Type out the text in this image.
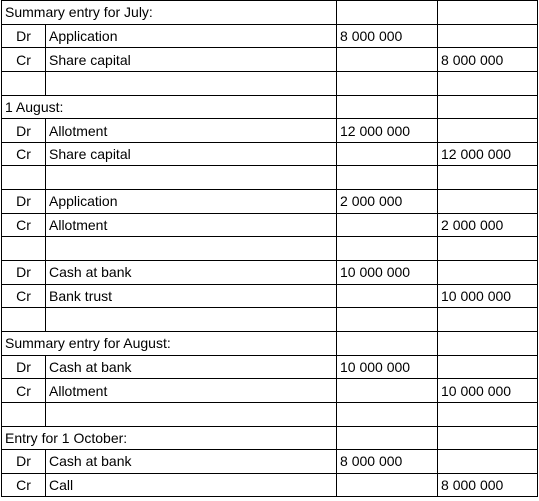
Summary entry for July:			
Dr	Application	8 000 000	
Cr	Share capital		8 000 000

1 August:			
Dr	Allotment	12 000 000	
Cr	Share capital		12 000 000

Dr	Application	2 000 000	
Cr	Allotment		2 000 000

Dr	Cash at bank	10 000 000	
Cr	Bank trust		10 000 000

Summary entry for August:			
Dr	Cash at bank	10 000 000	
Cr	Allotment		10 000 000

Entry for 1 October:			
Dr	Cash at bank	8 000 000	
Cr	Call		8 000 000
